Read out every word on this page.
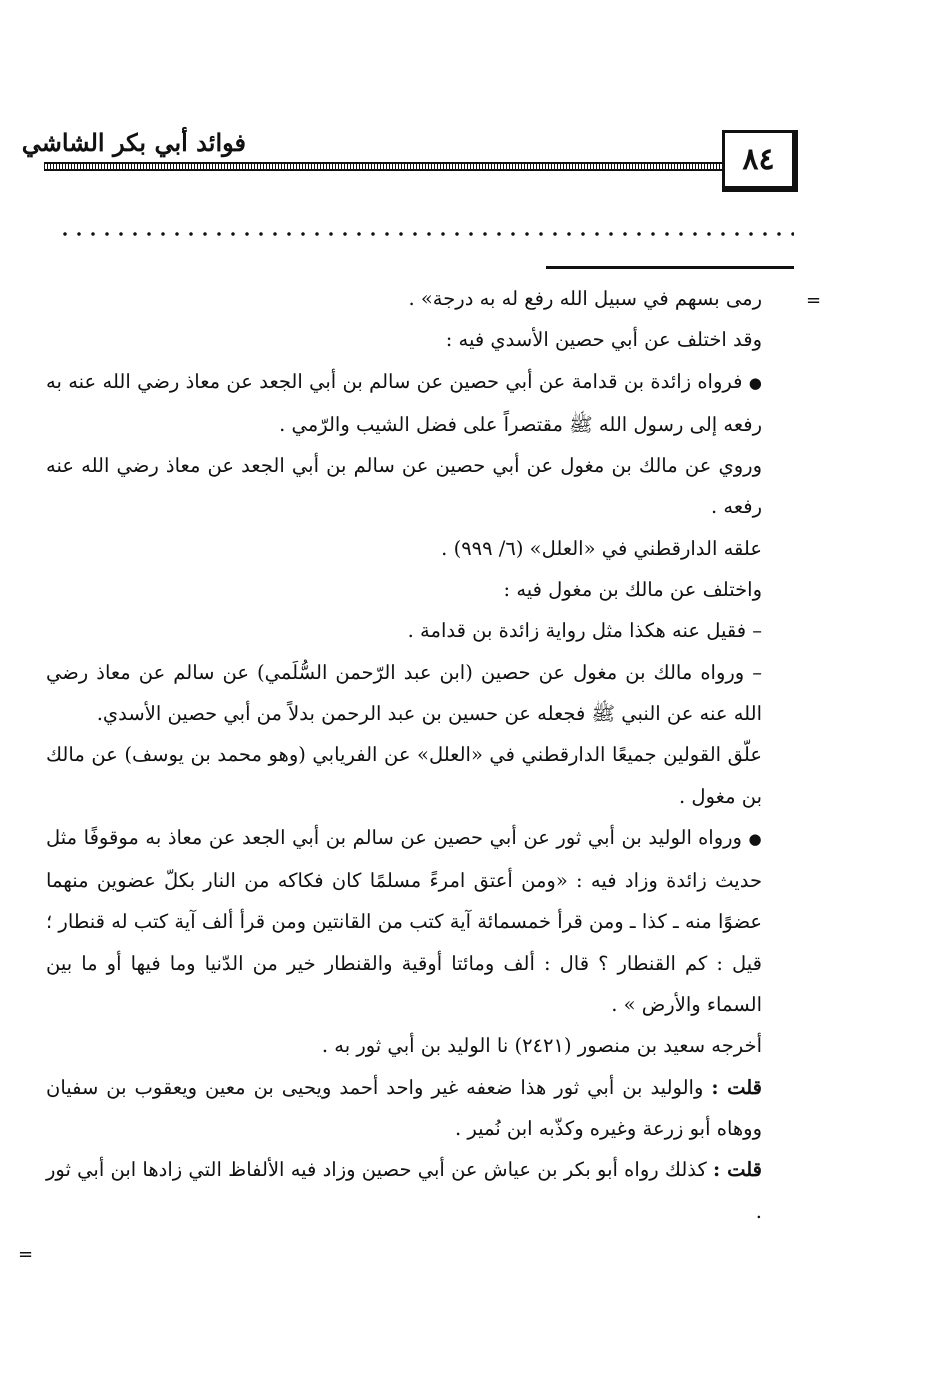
٨٤
فوائد أبي بكر الشاشي
=
=

رمى بسهم في سبيل الله رفع له به درجة» .

وقد اختلف عن أبي حصين الأسدي فيه :

● فرواه زائدة بن قدامة عن أبي حصين عن سالم بن أبي الجعد عن معاذ رضي الله عنه به رفعه إلى رسول الله ﷺ مقتصراً على فضل الشيب والرّمي .

وروي عن مالك بن مغول عن أبي حصين عن سالم بن أبي الجعد عن معاذ رضي الله عنه رفعه .

علقه الدارقطني في «العلل» (٦/ ٩٩٩) .

واختلف عن مالك بن مغول فيه :

– فقيل عنه هكذا مثل رواية زائدة بن قدامة .

– ورواه مالك بن مغول عن حصين (ابن عبد الرّحمن السُّلَمي) عن سالم عن معاذ رضي الله عنه عن النبي ﷺ فجعله عن حسين بن عبد الرحمن بدلاً من أبي حصين الأسدي.

علّق القولين جميعًا الدارقطني في «العلل» عن الفريابي (وهو محمد بن يوسف) عن مالك بن مغول .

● ورواه الوليد بن أبي ثور عن أبي حصين عن سالم بن أبي الجعد عن معاذ به موقوفًا مثل حديث زائدة وزاد فيه : «ومن أعتق امرءً مسلمًا كان فكاكه من النار بكلّ عضوين منهما عضوًا منه ـ كذا ـ ومن قرأ خمسمائة آية كتب من القانتين ومن قرأ ألف آية كتب له قنطار ؛ قيل : كم القنطار ؟ قال : ألف ومائتا أوقية والقنطار خير من الدّنيا وما فيها أو ما بين السماء والأرض » .

أخرجه سعيد بن منصور (٢٤٢١) نا الوليد بن أبي ثور به .

قلت : والوليد بن أبي ثور هذا ضعفه غير واحد أحمد ويحيى بن معين ويعقوب بن سفيان ووهاه أبو زرعة وغيره وكذّبه ابن نُمير .

قلت : كذلك رواه أبو بكر بن عياش عن أبي حصين وزاد فيه الألفاظ التي زادها ابن أبي ثور .
